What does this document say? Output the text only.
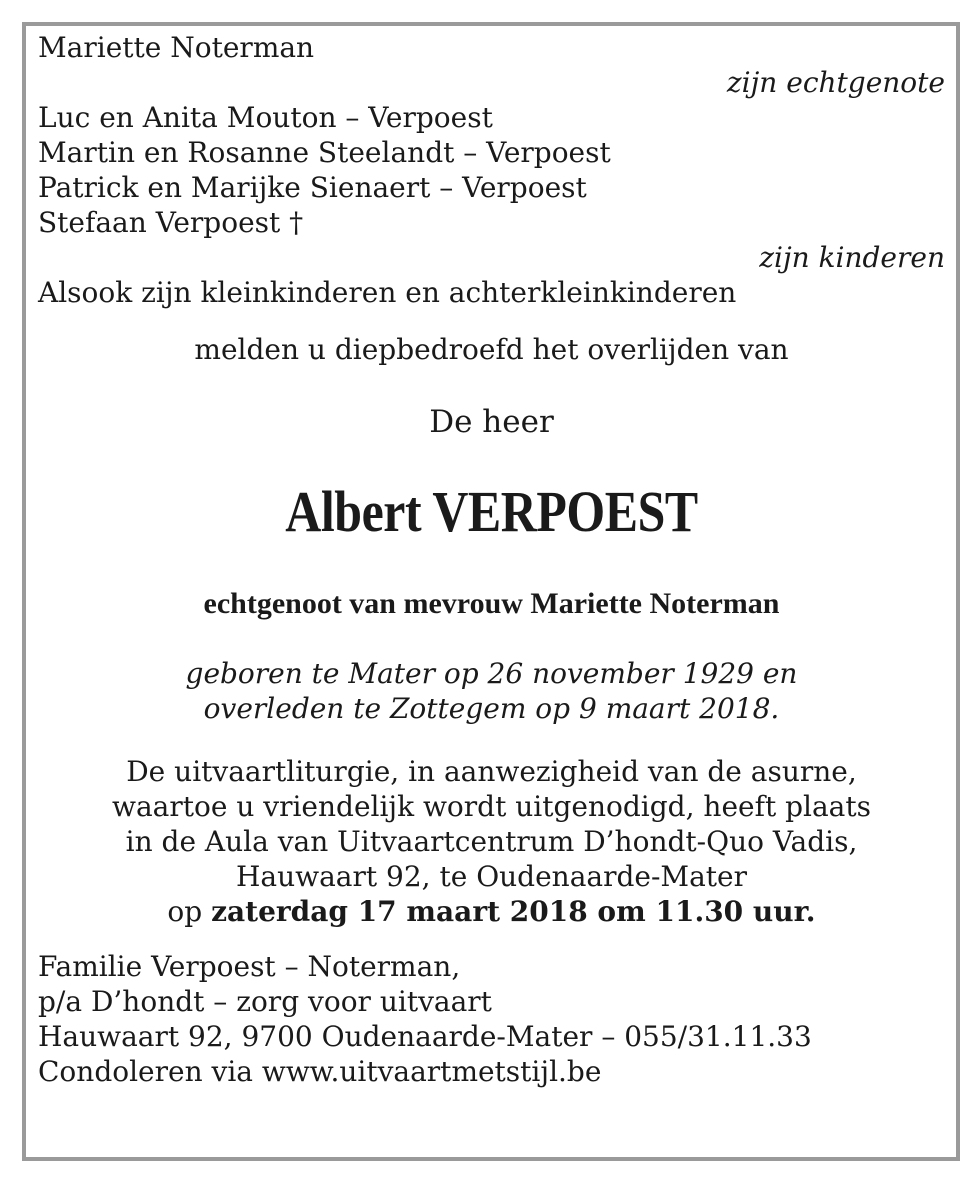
Mariette Noterman
zijn echtgenote
Luc en Anita Mouton – Verpoest
Martin en Rosanne Steelandt – Verpoest
Patrick en Marijke Sienaert – Verpoest
Stefaan Verpoest †
zijn kinderen
Alsook zijn kleinkinderen en achterkleinkinderen
melden u diepbedroefd het overlijden van
De heer
Albert VERPOEST
echtgenoot van mevrouw Mariette Noterman
geboren te Mater op 26 november 1929 en
overleden te Zottegem op 9 maart 2018.
De uitvaartliturgie, in aanwezigheid van de asurne,
waartoe u vriendelijk wordt uitgenodigd, heeft plaats
in de Aula van Uitvaartcentrum D’hondt-Quo Vadis,
Hauwaart 92, te Oudenaarde-Mater
op zaterdag 17 maart 2018 om 11.30 uur.
Familie Verpoest – Noterman,
p/a D’hondt – zorg voor uitvaart
Hauwaart 92, 9700 Oudenaarde-Mater – 055/31.11.33
Condoleren via www.uitvaartmetstijl.be
